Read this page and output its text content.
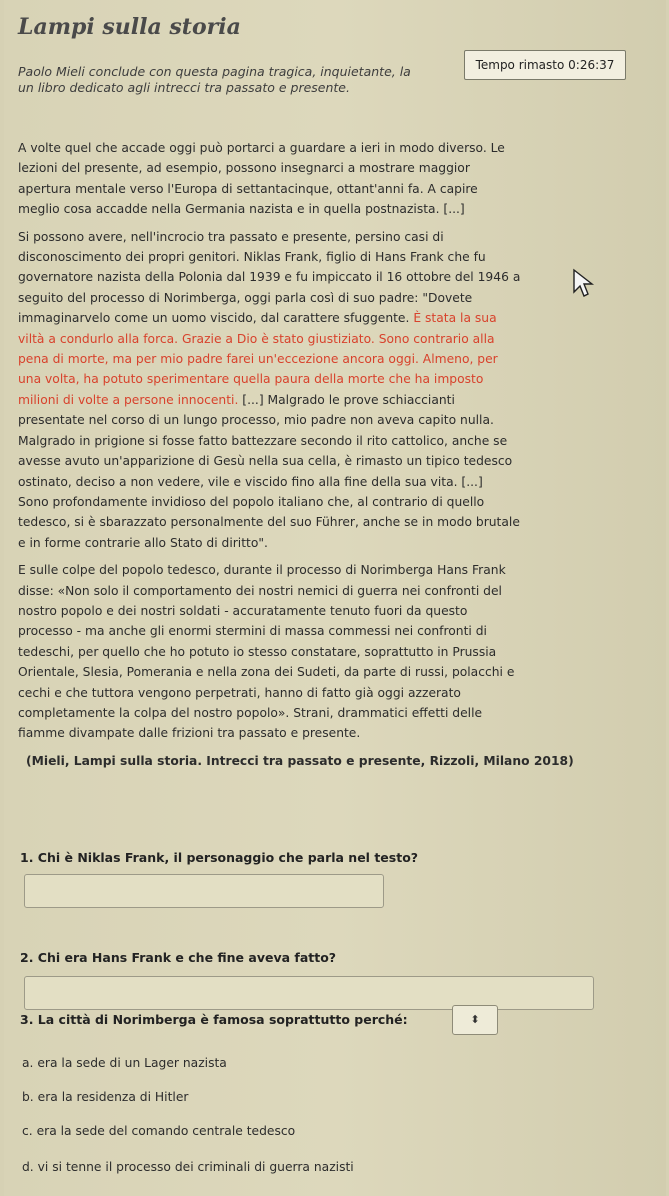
Lampi sulla storia
Paolo Mieli conclude con questa pagina tragica, inquietante, la
un libro dedicato agli intrecci tra passato e presente.
Tempo rimasto 0:26:37

A volte quel che accade oggi può portarci a guardare a ieri in modo diverso. Le
lezioni del presente, ad esempio, possono insegnarci a mostrare maggior
apertura mentale verso l'Europa di settantacinque, ottant'anni fa. A capire
meglio cosa accadde nella Germania nazista e in quella postnazista. [...]

Si possono avere, nell'incrocio tra passato e presente, persino casi di
disconoscimento dei propri genitori. Niklas Frank, figlio di Hans Frank che fu
governatore nazista della Polonia dal 1939 e fu impiccato il 16 ottobre del 1946 a
seguito del processo di Norimberga, oggi parla così di suo padre: "Dovete
immaginarvelo come un uomo viscido, dal carattere sfuggente. È stata la sua
viltà a condurlo alla forca. Grazie a Dio è stato giustiziato. Sono contrario alla
pena di morte, ma per mio padre farei un'eccezione ancora oggi. Almeno, per
una volta, ha potuto sperimentare quella paura della morte che ha imposto
milioni di volte a persone innocenti. [...] Malgrado le prove schiaccianti
presentate nel corso di un lungo processo, mio padre non aveva capito nulla.
Malgrado in prigione si fosse fatto battezzare secondo il rito cattolico, anche se
avesse avuto un'apparizione di Gesù nella sua cella, è rimasto un tipico tedesco
ostinato, deciso a non vedere, vile e viscido fino alla fine della sua vita. [...]
Sono profondamente invidioso del popolo italiano che, al contrario di quello
tedesco, si è sbarazzato personalmente del suo Führer, anche se in modo brutale
e in forme contrarie allo Stato di diritto".

E sulle colpe del popolo tedesco, durante il processo di Norimberga Hans Frank
disse: «Non solo il comportamento dei nostri nemici di guerra nei confronti del
nostro popolo e dei nostri soldati - accuratamente tenuto fuori da questo
processo - ma anche gli enormi stermini di massa commessi nei confronti di
tedeschi, per quello che ho potuto io stesso constatare, soprattutto in Prussia
Orientale, Slesia, Pomerania e nella zona dei Sudeti, da parte di russi, polacchi e
cechi e che tuttora vengono perpetrati, hanno di fatto già oggi azzerato
completamente la colpa del nostro popolo». Strani, drammatici effetti delle
fiamme divampate dalle frizioni tra passato e presente.

(Mieli, Lampi sulla storia. Intrecci tra passato e presente, Rizzoli, Milano 2018)

1. Chi è Niklas Frank, il personaggio che parla nel testo?
2. Chi era Hans Frank e che fine aveva fatto?
3. La città di Norimberga è famosa soprattutto perché:	⬍
a. era la sede di un Lager nazista
b. era la residenza di Hitler
c. era la sede del comando centrale tedesco
d. vi si tenne il processo dei criminali di guerra nazisti
